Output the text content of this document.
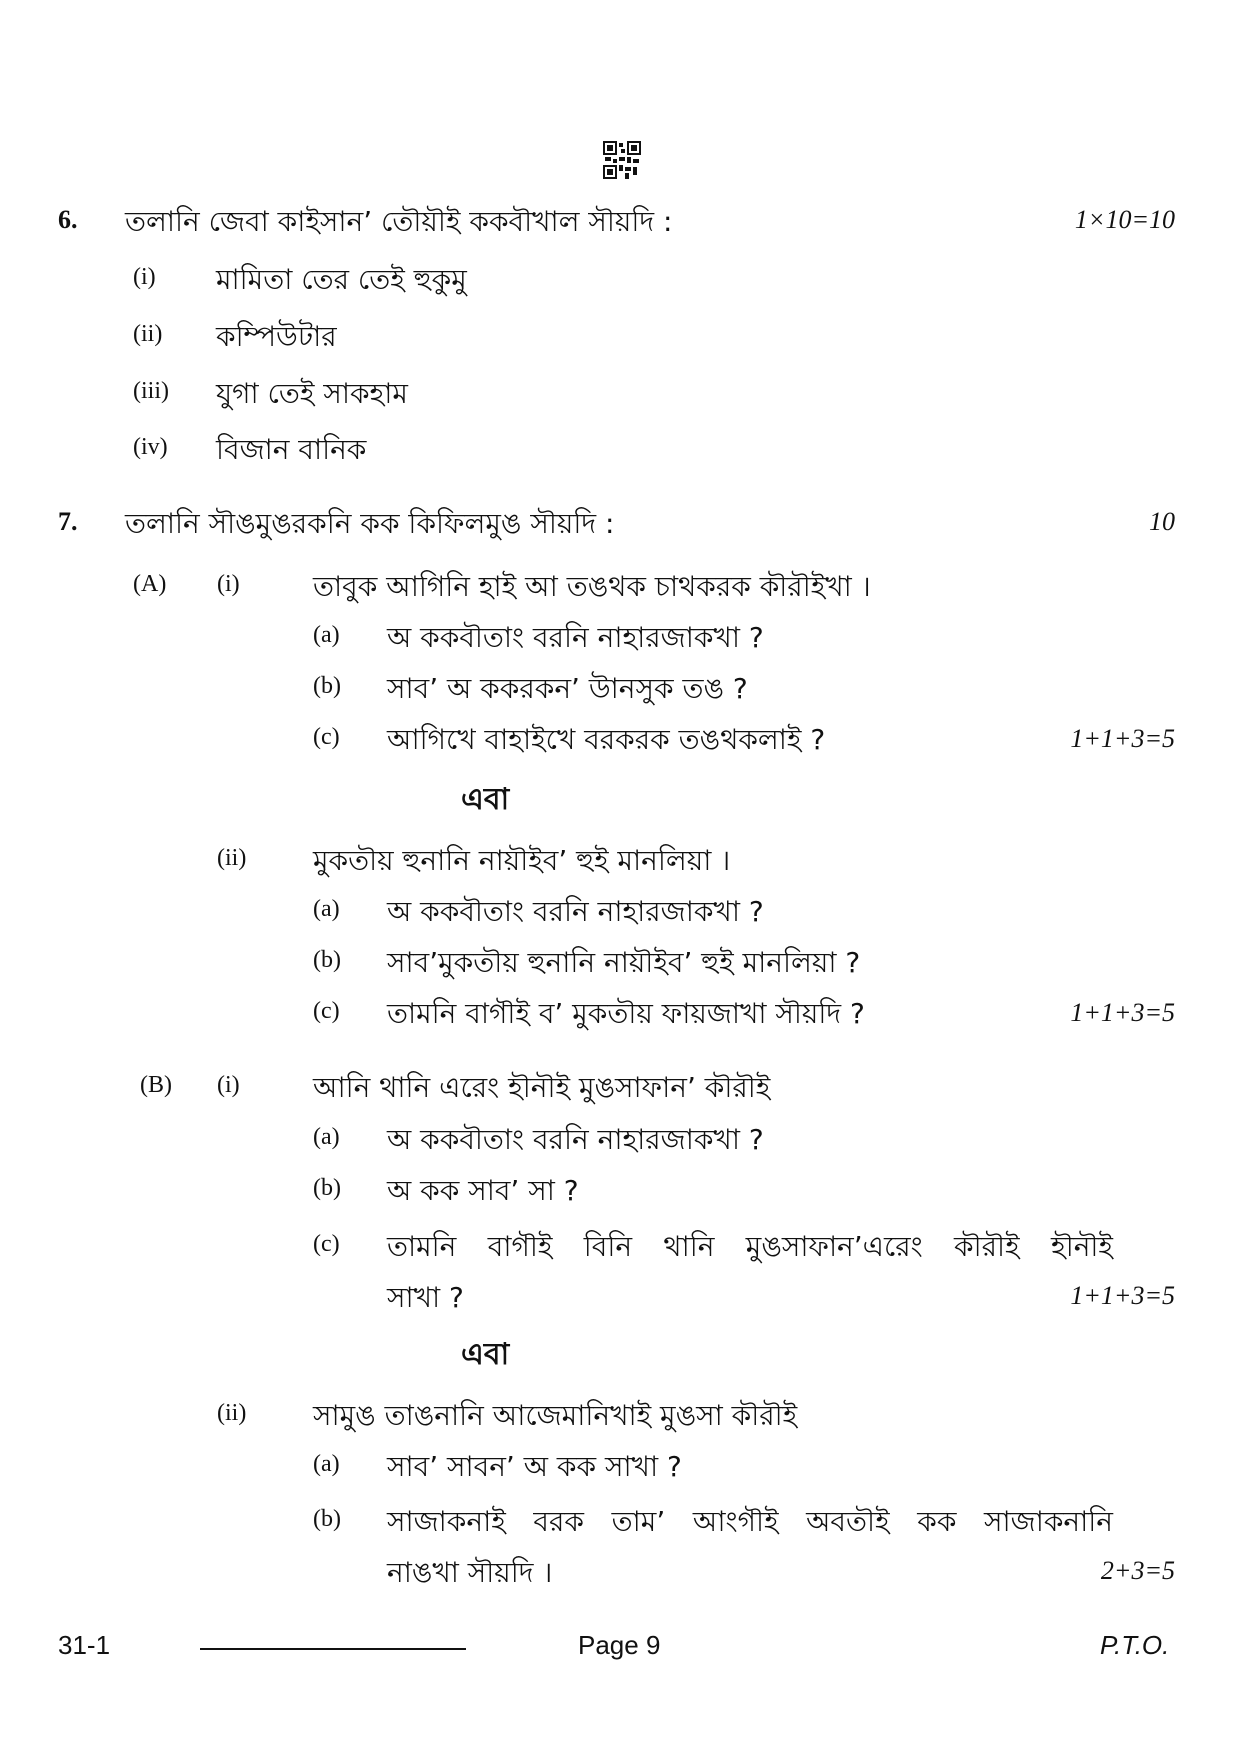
6. তলানি জেবা কাইসান’ তৌয়ৗই ককবৗখাল সৗয়দি :	1×10=10
(i) মামিতা তের তেই হুকুমু
(ii) কম্পিউটার
(iii) যুগা তেই সাকহাম
(iv) বিজান বানিক
7. তলানি সৗঙমুঙরকনি কক কিফিলমুঙ সৗয়দি :	10
(A) (i)	তাবুক আগিনি হাই আ তঙথক চাথকরক কৗরৗইখা ।
(a) অ ককবৗতাং বরনি নাহারজাকখা ?
(b) সাব’ অ ককরকন’ উানসুক তঙ ?
(c) আগিখে বাহাইখে বরকরক তঙথকলাই ?	1+1+3=5
এবা
(ii) মুকতৗয় হুনানি নায়ৗইব’ হুই মানলিয়া ।
(a) অ ককবৗতাং বরনি নাহারজাকখা ?
(b) সাব’মুকতৗয় হুনানি নায়ৗইব’ হুই মানলিয়া ?
(c) তামনি বাগৗই ব’ মুকতৗয় ফায়জাখা সৗয়দি ?	1+1+3=5
(B) (i)	আনি থানি এরেং হৗনৗই মুঙসাফান’ কৗরৗই
(a) অ ককবৗতাং বরনি নাহারজাকখা ?
(b) অ কক সাব’ সা ?
(c) তামনি বাগৗই বিনি থানি মুঙসাফান’এরেং কৗরৗই হৗনৗই
সাখা ?	1+1+3=5
এবা
(ii) সামুঙ তাঙনানি আজেমানিখাই মুঙসা কৗরৗই
(a) সাব’ সাবন’ অ কক সাখা ?
(b) সাজাকনাই বরক তাম’ আংগৗই অবতৗই কক সাজাকনানি
নাঙখা সৗয়দি ।	2+3=5
31-1	Page 9	P.T.O.
